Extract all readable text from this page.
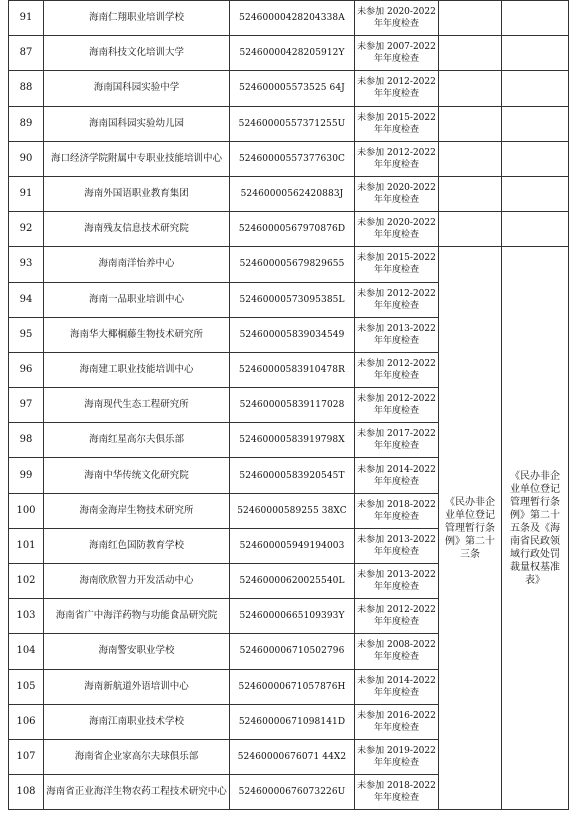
91	海南仁翔职业培训学校	52460000428204338A	未参加 2020-2022 年年度检查		
87	海南科技文化培训大学	52460000428205912Y	未参加 2007-2022 年年度检查		
88	海南国科园实验中学	524600005573525 64J	未参加 2012-2022 年年度检查		
89	海南国科园实验幼儿园	52460000557371255U	未参加 2015-2022 年年度检查		
90	海口经济学院附属中专职业技能培训中心	52460000557377630C	未参加 2012-2022 年年度检查		
91	海南外国语职业教育集团	52460000562420883J	未参加 2020-2022 年年度检查		
92	海南残友信息技术研究院	52460000567970876D	未参加 2020-2022 年年度检查		
93	海南南洋怡养中心	524600005679829655	未参加 2015-2022 年年度检查	《民办非企业单位登记管理暂行条例》第二十三条	《民办非企业单位登记管理暂行条例》第二十五条及《海南省民政领域行政处罚裁量权基准表》
94	海南一品职业培训中心	52460000573095385L	未参加 2012-2022 年年度检查		
95	海南华大椰榈藤生物技术研究所	524600005839034549	未参加 2013-2022 年年度检查		
96	海南建工职业技能培训中心	52460000583910478R	未参加 2012-2022 年年度检查		
97	海南现代生态工程研究所	524600005839117028	未参加 2012-2022 年年度检查		
98	海南红星高尔夫俱乐部	52460000583919798X	未参加 2017-2022 年年度检查		
99	海南中华传统文化研究院	52460000583920545T	未参加 2014-2022 年年度检查		
100	海南金海岸生物技术研究所	52460000589255 38XC	未参加 2018-2022 年年度检查		
101	海南红色国防教育学校	524600005949194003	未参加 2013-2022 年年度检查		
102	海南欣欣智力开发活动中心	52460000620025540L	未参加 2013-2022 年年度检查		
103	海南省广中海洋药物与功能食品研究院	52460000665109393Y	未参加 2012-2022 年年度检查		
104	海南警安职业学校	524600006710502796	未参加 2008-2022 年年度检查		
105	海南新航道外语培训中心	52460000671057876H	未参加 2014-2022 年年度检查		
106	海南江南职业技术学校	52460000671098141D	未参加 2016-2022 年年度检查		
107	海南省企业家高尔夫球俱乐部	52460000676071 44X2	未参加 2019-2022 年年度检查		
108	海南省正业海洋生物农药工程技术研究中心	52460000676073226U	未参加 2018-2022 年年度检查		
